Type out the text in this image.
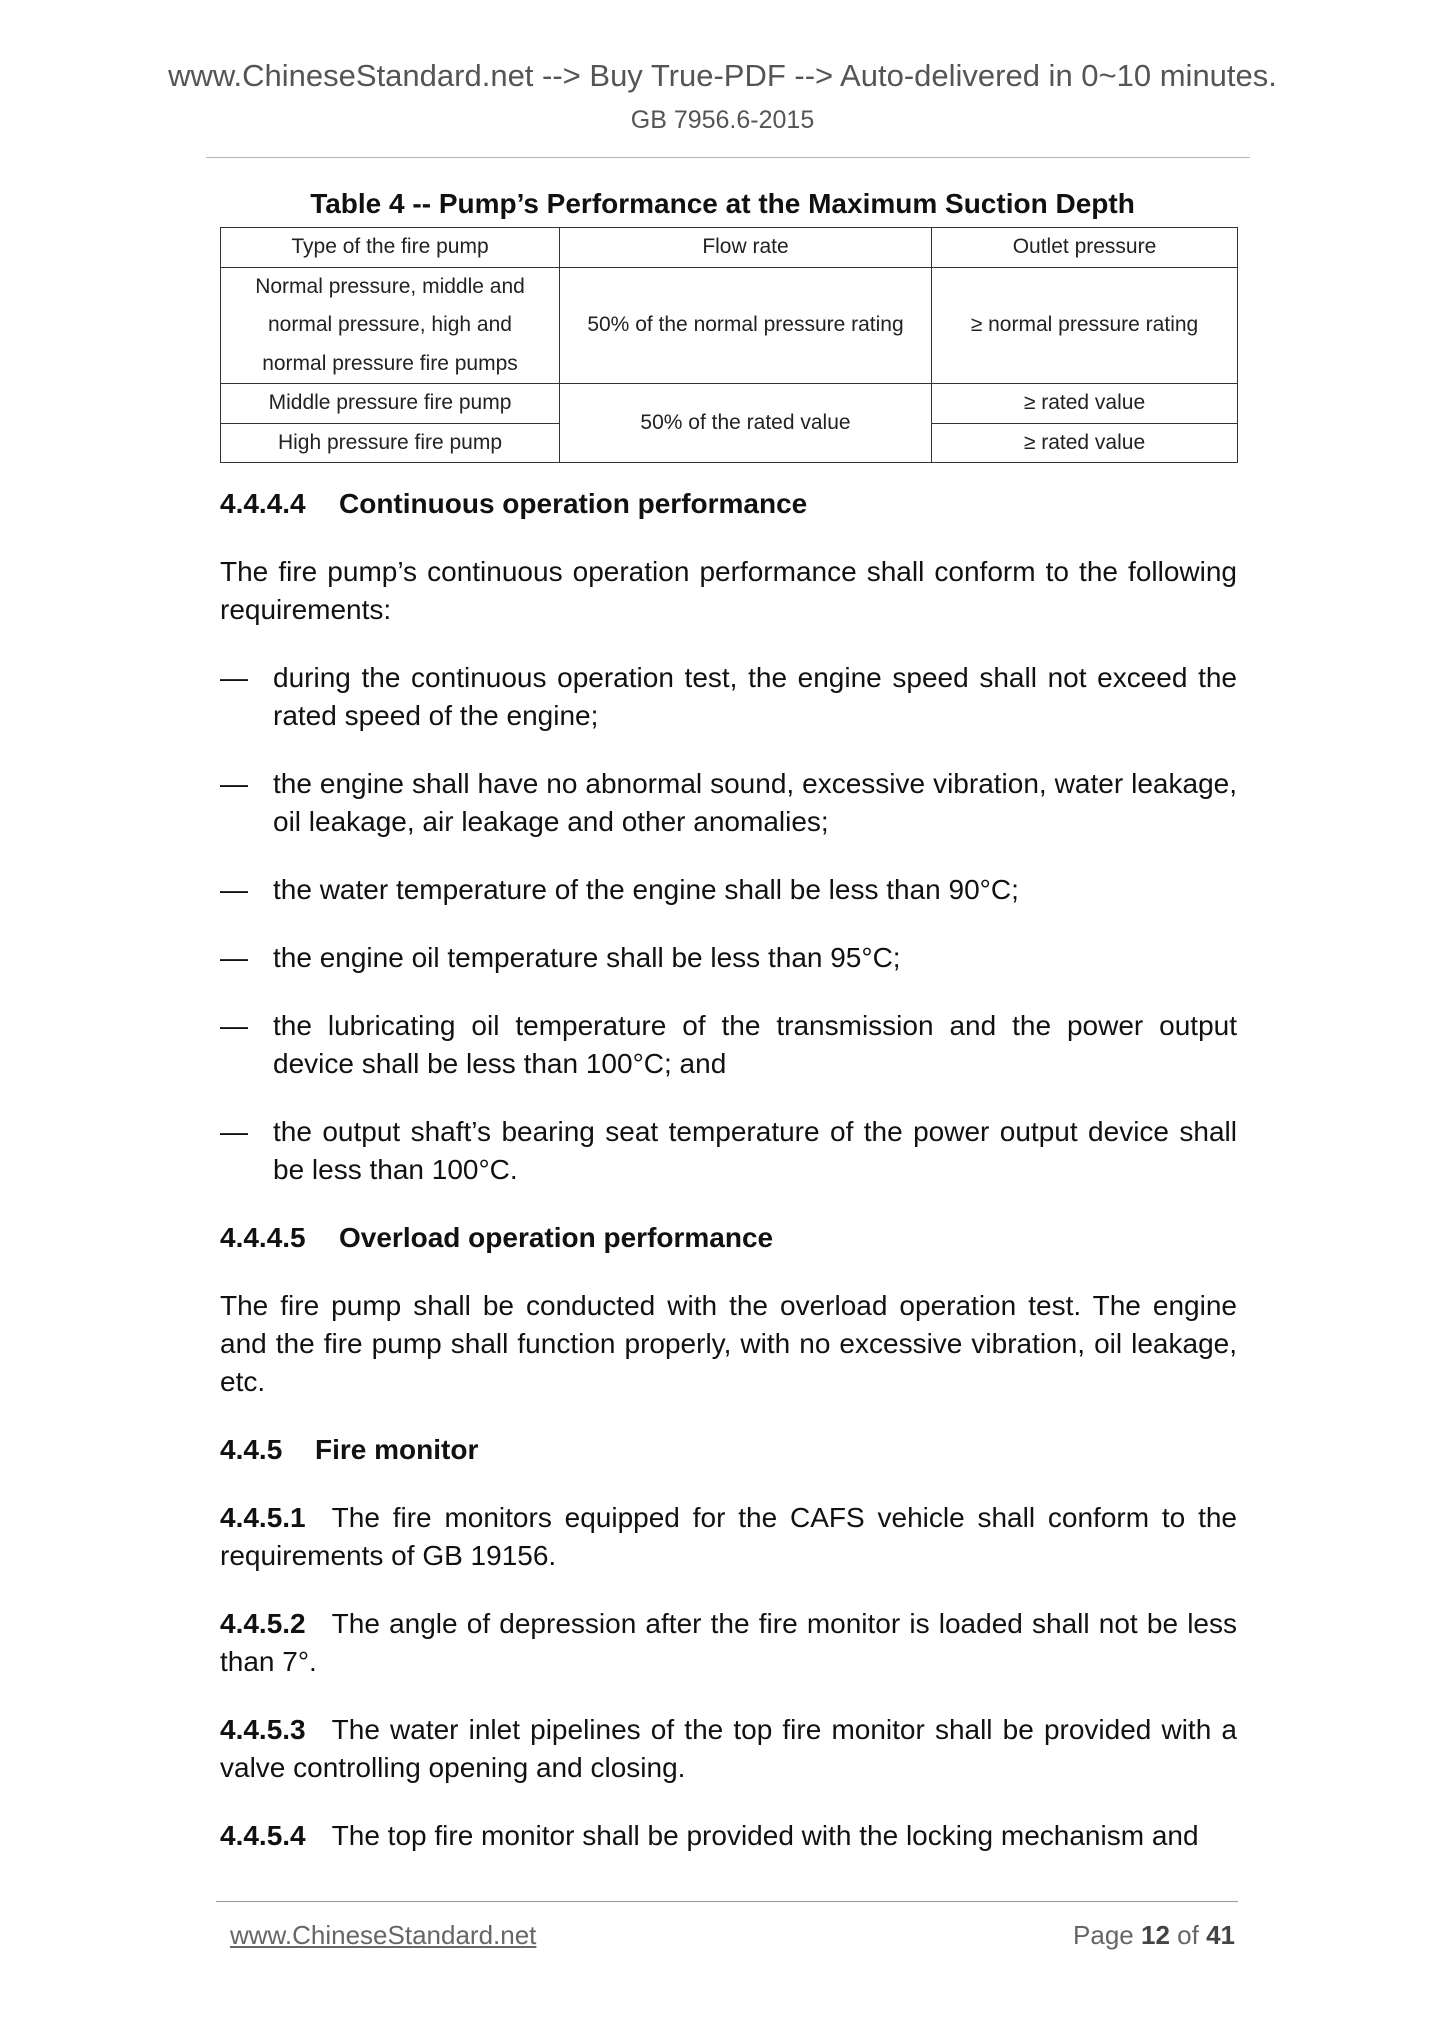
www.ChineseStandard.net --> Buy True-PDF --> Auto-delivered in 0~10 minutes.
GB 7956.6-2015
Table 4 -- Pump’s Performance at the Maximum Suction Depth
Type of the fire pump	Flow rate	Outlet pressure
Normal pressure, middle and
normal pressure, high and
normal pressure fire pumps	50% of the normal pressure rating	≥ normal pressure rating
Middle pressure fire pump	50% of the rated value	≥ rated value
High pressure fire pump		≥ rated value
4.4.4.4 Continuous operation performance

The fire pump’s continuous operation performance shall conform to the following requirements:

— during the continuous operation test, the engine speed shall not exceed the rated speed of the engine;
— the engine shall have no abnormal sound, excessive vibration, water leakage, oil leakage, air leakage and other anomalies;
— the water temperature of the engine shall be less than 90°C;
— the engine oil temperature shall be less than 95°C;
— the lubricating oil temperature of the transmission and the power output device shall be less than 100°C; and
— the output shaft’s bearing seat temperature of the power output device shall be less than 100°C.
4.4.4.5 Overload operation performance

The fire pump shall be conducted with the overload operation test. The engine and the fire pump shall function properly, with no excessive vibration, oil leakage, etc.

4.4.5 Fire monitor

4.4.5.1 The fire monitors equipped for the CAFS vehicle shall conform to the requirements of GB 19156.

4.4.5.2 The angle of depression after the fire monitor is loaded shall not be less than 7°.

4.4.5.3 The water inlet pipelines of the top fire monitor shall be provided with a valve controlling opening and closing.

4.4.5.4 The top fire monitor shall be provided with the locking mechanism and

www.ChineseStandard.net	Page 12 of 41
